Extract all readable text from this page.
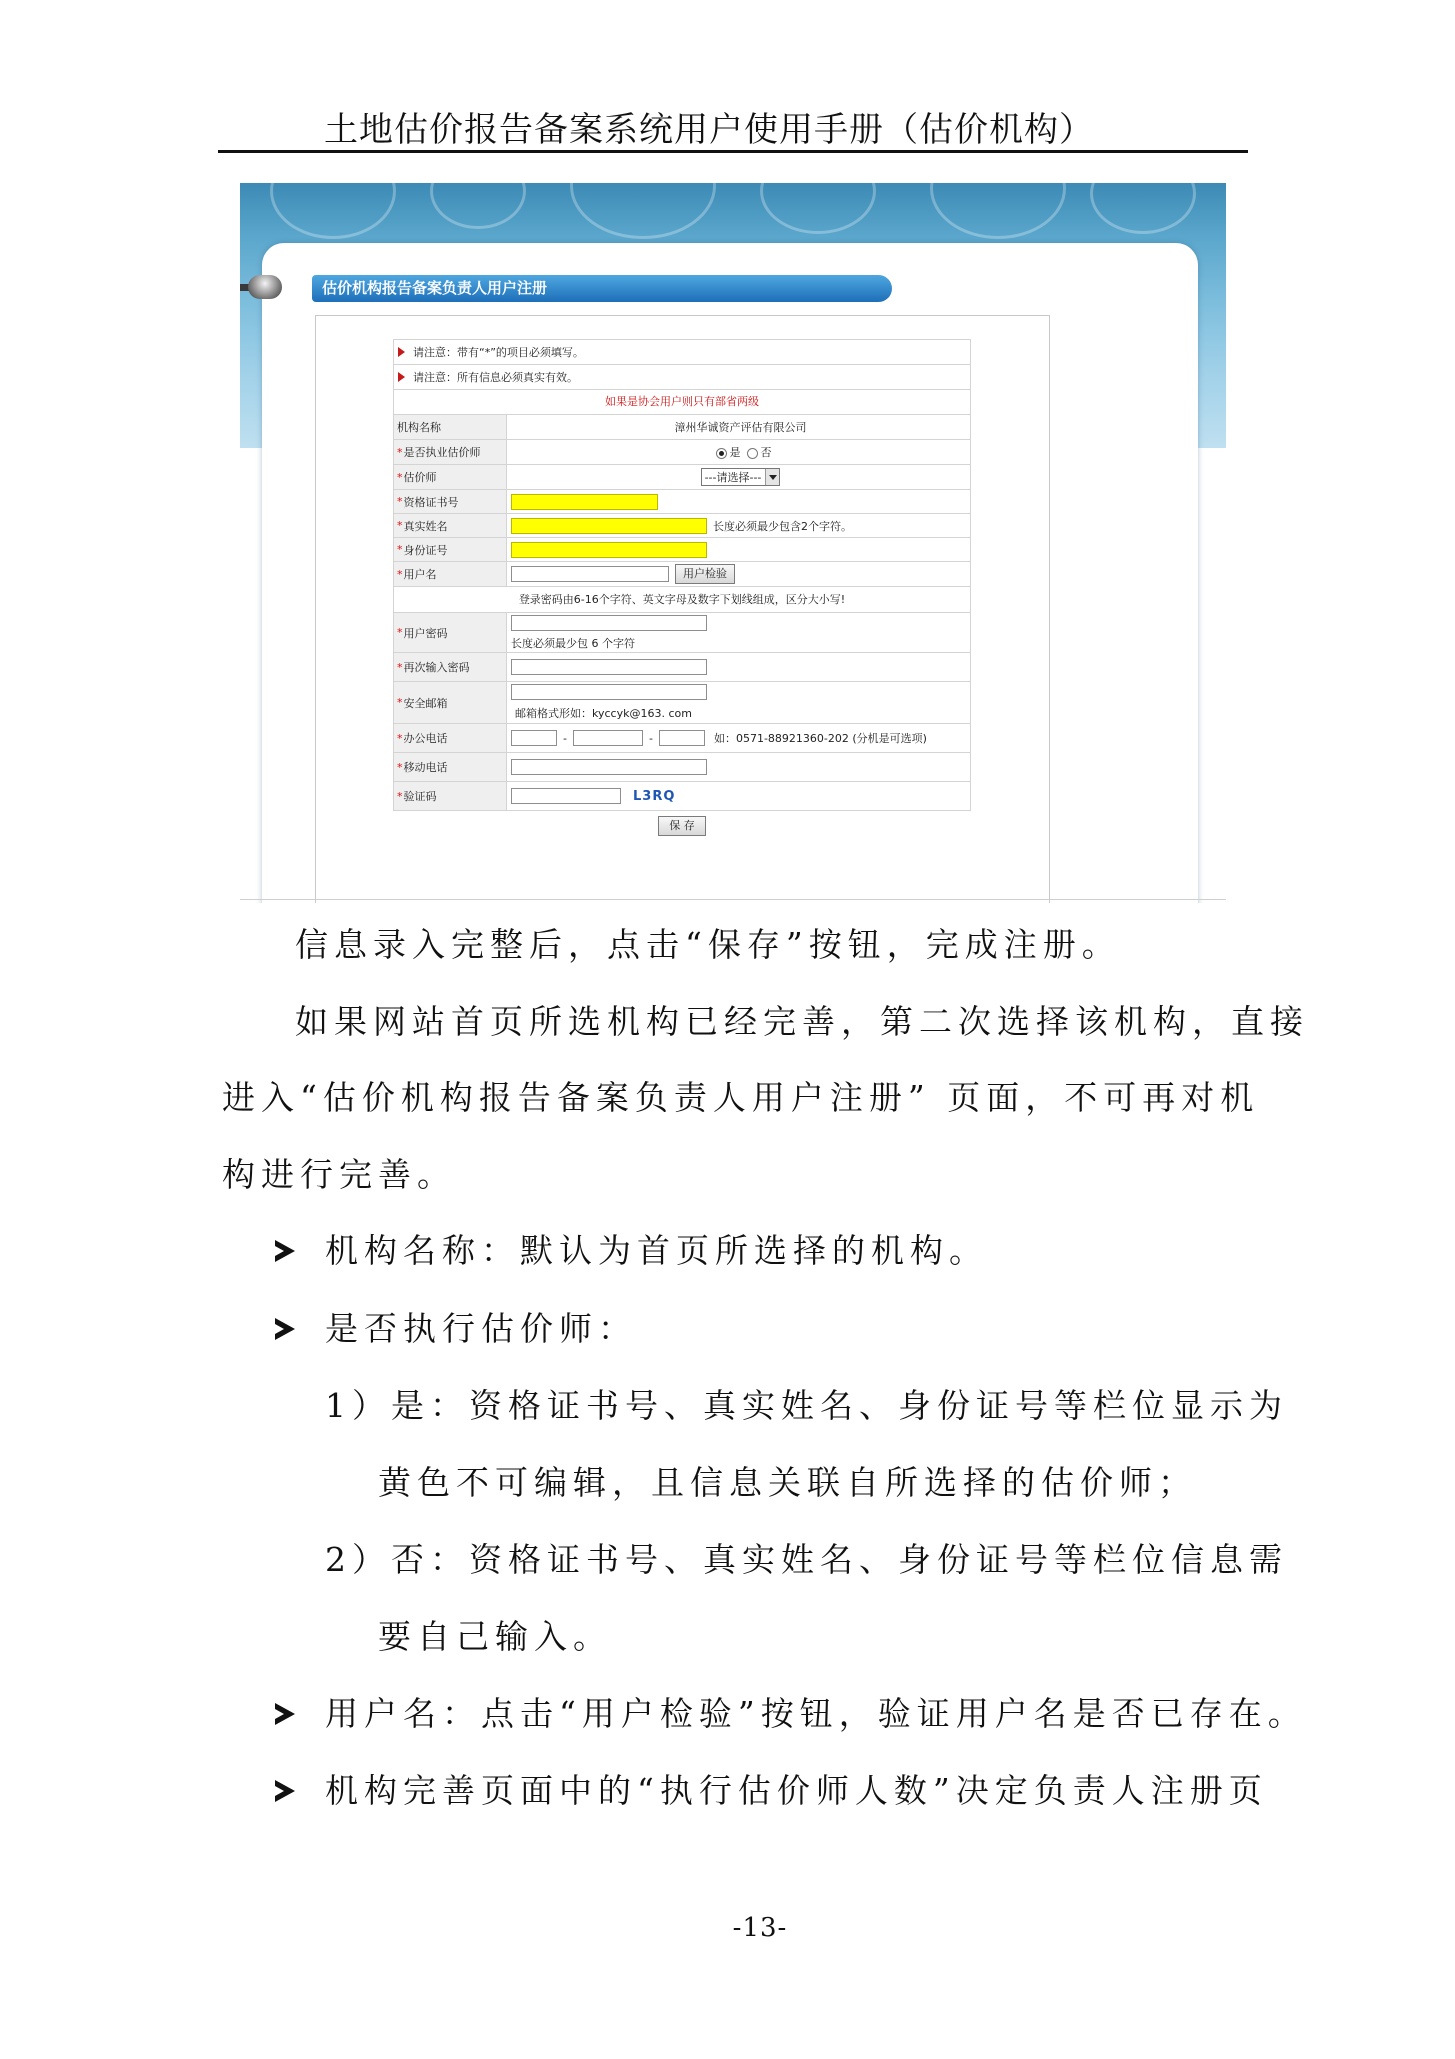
土地估价报告备案系统用户使用手册（估价机构）
估价机构报告备案负责人用户注册
请注意：带有“*”的项目必须填写。
请注意：所有信息必须真实有效。
如果是协会用户则只有部省两级
机构名称	漳州华诚资产评估有限公司
* 是否执业估价师	是 否
* 估价师	---请选择---
* 资格证书号
* 真实姓名	长度必须最少包含2个字符。
* 身份证号
* 用户名	用户检验
登录密码由6-16个字符、英文字母及数字下划线组成，区分大小写!
* 用户密码
长度必须最少包 6 个字符
* 再次输入密码
* 安全邮箱
邮箱格式形如：kyccyk@163. com
* 办公电话	-	-	如：0571-88921360-202 (分机是可选项)
* 移动电话
* 验证码	L3RQ
保 存
信息录入完整后，点击“保存”按钮，完成注册。
如果网站首页所选机构已经完善，第二次选择该机构，直接
进入“估价机构报告备案负责人用户注册” 页面，不可再对机
构进行完善。
机构名称：默认为首页所选择的机构。
是否执行估价师：
1）是：资格证书号、真实姓名、身份证号等栏位显示为
黄色不可编辑，且信息关联自所选择的估价师；
2）否：资格证书号、真实姓名、身份证号等栏位信息需
要自己输入。
用户名：点击“用户检验”按钮，验证用户名是否已存在。
机构完善页面中的“执行估价师人数”决定负责人注册页
-13-
